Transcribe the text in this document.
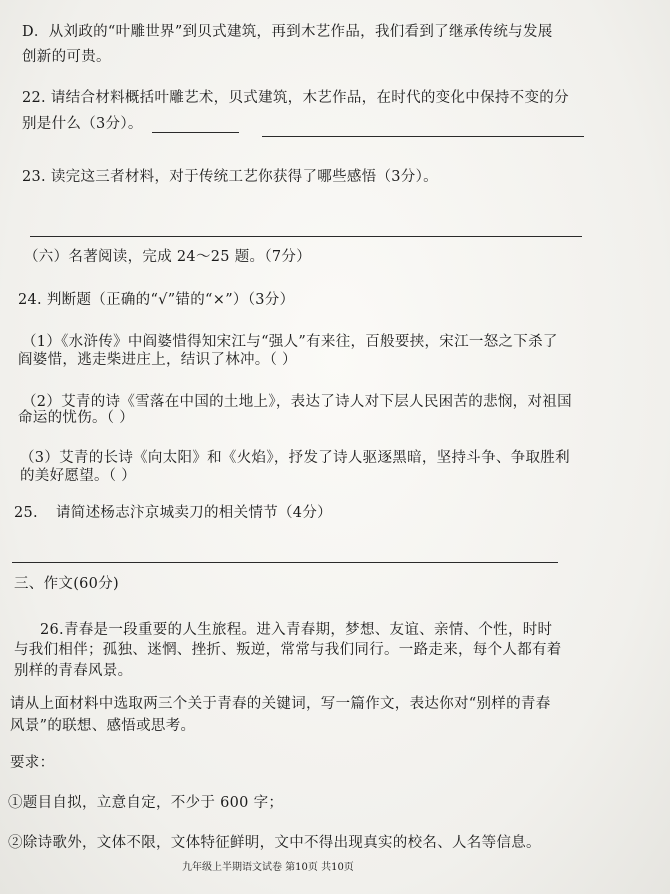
D．从刘政的“叶雕世界”到贝式建筑，再到木艺作品，我们看到了继承传统与发展
创新的可贵。
22. 请结合材料概括叶雕艺术，贝式建筑，木艺作品，在时代的变化中保持不变的分
别是什么（3分）。
23. 读完这三者材料，对于传统工艺你获得了哪些感悟（3分）。
（六）名著阅读，完成 24～25 题。（7分）
24. 判断题（正确的“√”错的“×”）（3分）
（1）《水浒传》中阎婆惜得知宋江与“强人”有来往，百般要挟，宋江一怒之下杀了
阎婆惜，逃走柴进庄上，结识了林冲。（ ）
（2）艾青的诗《雪落在中国的土地上》，表达了诗人对下层人民困苦的悲悯，对祖国
命运的忧伤。（ ）
（3）艾青的长诗《向太阳》和《火焰》，抒发了诗人驱逐黑暗，坚持斗争、争取胜利
的美好愿望。（ ）
25. 请简述杨志汴京城卖刀的相关情节（4分）
三、作文(60分)
26.青春是一段重要的人生旅程。进入青春期，梦想、友谊、亲情、个性，时时
与我们相伴；孤独、迷惘、挫折、叛逆，常常与我们同行。一路走来，每个人都有着
别样的青春风景。
请从上面材料中选取两三个关于青春的关键词，写一篇作文，表达你对“别样的青春
风景”的联想、感悟或思考。
要求：
①题目自拟，立意自定，不少于 600 字；
②除诗歌外，文体不限，文体特征鲜明，文中不得出现真实的校名、人名等信息。
九年级上半期语文试卷 第10页 共10页
